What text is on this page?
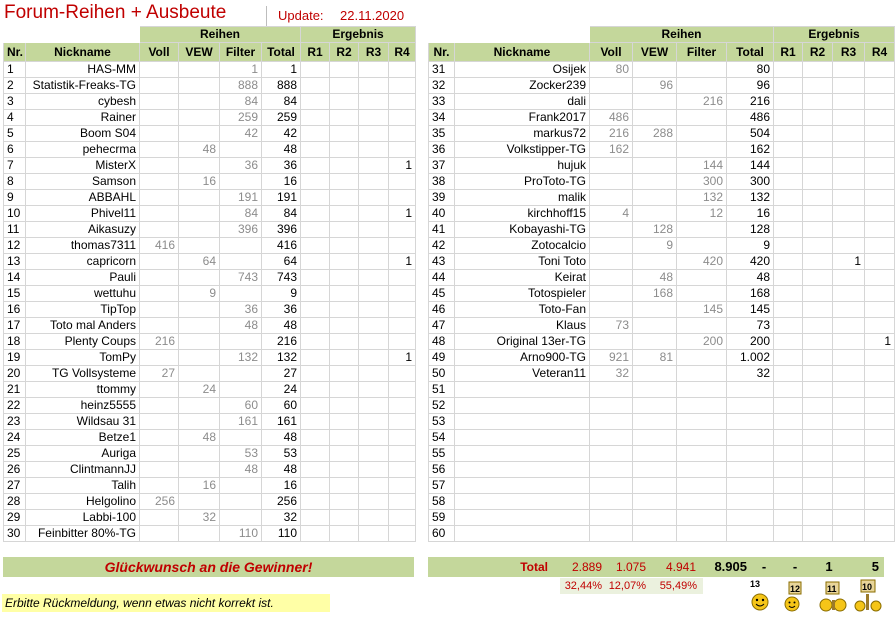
Forum-Reihen + Ausbeute	Update: 22.11.2020
		Reihen				Ergebnis			
Nr.	Nickname	Voll	VEW	Filter	Total	R1	R2	R3	R4
1	HAS-MM			1	1				
2	Statistik-Freaks-TG			888	888				
3	cybesh			84	84				
4	Rainer			259	259				
5	Boom S04			42	42				
6	pehecrma		48		48				
7	MisterX			36	36				1
8	Samson		16		16				
9	ABBAHL			191	191				
10	Phivel11			84	84				1
11	Aikasuzy			396	396				
12	thomas7311	416			416				
13	capricorn		64		64				1
14	Pauli			743	743				
15	wettuhu		9		9				
16	TipTop			36	36				
17	Toto mal Anders			48	48				
18	Plenty Coups	216			216				
19	TomPy			132	132				1
20	TG Vollsysteme	27			27				
21	ttommy		24		24				
22	heinz5555			60	60				
23	Wildsau 31			161	161				
24	Betze1		48		48				
25	Auriga			53	53				
26	ClintmannJJ			48	48				
27	Talih		16		16				
28	Helgolino	256			256				
29	Labbi-100		32		32				
30	Feinbitter 80%-TG			110	110				
		Reihen				Ergebnis			
Nr.	Nickname	Voll	VEW	Filter	Total	R1	R2	R3	R4
31	Osijek	80			80				
32	Zocker239		96		96				
33	dali			216	216				
34	Frank2017	486			486				
35	markus72	216	288		504				
36	Volkstipper-TG	162			162				
37	hujuk			144	144				
38	ProToto-TG			300	300				
39	malik			132	132				
40	kirchhoff15	4		12	16				
41	Kobayashi-TG		128		128				
42	Zotocalcio		9		9				
43	Toni Toto			420	420			1	
44	Keirat		48		48				
45	Totospieler		168		168				
46	Toto-Fan			145	145				
47	Klaus	73			73				
48	Original 13er-TG			200	200				1
49	Arno900-TG	921	81		1.002				
50	Veteran11	32			32				
51									
52									
53									
54									
55									
56									
57									
58									
59									
60									
Glückwunsch an die Gewinner!	Total	2.889	1.075	4.941	8.905	-	-	1	5
32,44% 12,07%	55,49%
Erbitte Rückmeldung, wenn etwas nicht korrekt ist.
13	12	11	10
